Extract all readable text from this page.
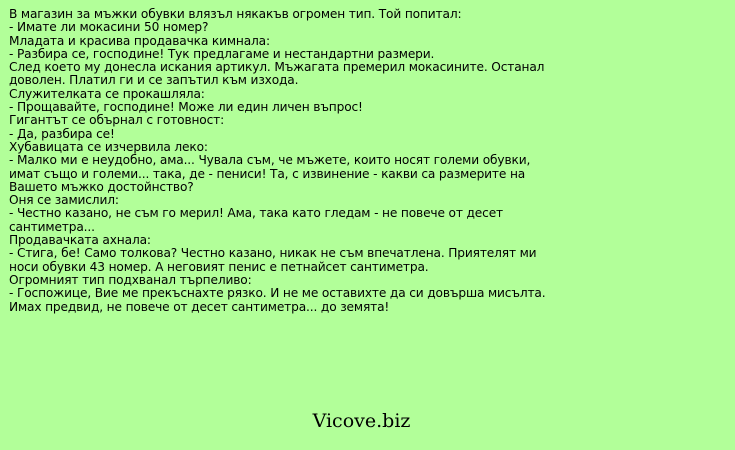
В магазин за мъжки обувки влязъл някакъв огромен тип. Той попитал:
- Имате ли мокасини 50 номер?
Младата и красива продавачка кимнала:
- Разбира се, господине! Тук предлагаме и нестандартни размери.
След което му донесла искания артикул. Мъжагата премерил мокасините. Останал
доволен. Платил ги и се запътил към изхода.
Служителката се прокашляла:
- Прощавайте, господине! Може ли един личен въпрос!
Гигантът се обърнал с готовност:
- Да, разбира се!
Хубавицата се изчервила леко:
- Малко ми е неудобно, ама... Чувала съм, че мъжете, които носят големи обувки,
имат също и големи... така, де - пениси! Та, с извинение - какви са размерите на
Вашето мъжко достойнство?
Оня се замислил:
- Честно казано, не съм го мерил! Ама, така като гледам - не повече от десет
сантиметра...
Продавачката ахнала:
- Стига, бе! Само толкова? Честно казано, никак не съм впечатлена. Приятелят ми
носи обувки 43 номер. А неговият пенис е петнайсет сантиметра.
Огромният тип подхванал търпеливо:
- Госпожице, Вие ме прекъснахте рязко. И не ме оставихте да си довърша мисълта.
Имах предвид, не повече от десет сантиметра... до земята!
Vicove.biz
